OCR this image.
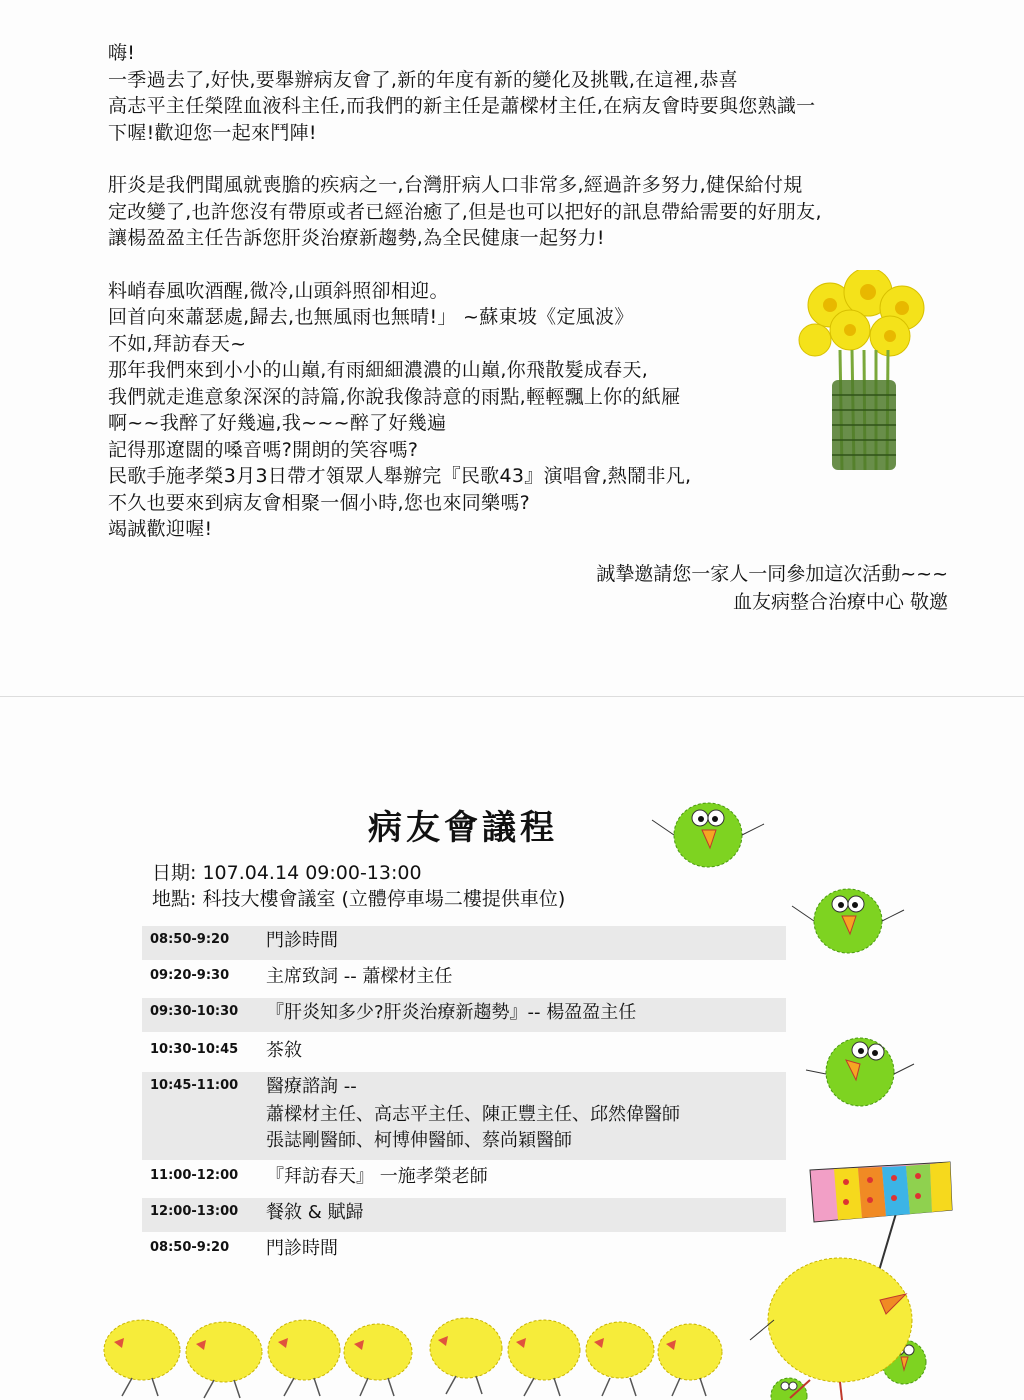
嗨!

一季過去了,好快,要舉辦病友會了,新的年度有新的變化及挑戰,在這裡,恭喜

高志平主任榮陞血液科主任,而我們的新主任是蕭樑材主任,在病友會時要與您熟識一

下喔!歡迎您一起來鬥陣!

肝炎是我們聞風就喪膽的疾病之一,台灣肝病人口非常多,經過許多努力,健保給付規

定改變了,也許您沒有帶原或者已經治癒了,但是也可以把好的訊息帶給需要的好朋友,

讓楊盈盈主任告訴您肝炎治療新趨勢,為全民健康一起努力!

料峭春風吹酒醒,微冷,山頭斜照卻相迎。

回首向來蕭瑟處,歸去,也無風雨也無晴!」 ~蘇東坡《定風波》

不如,拜訪春天~

那年我們來到小小的山巔,有雨細細濃濃的山巔,你飛散髮成春天,

我們就走進意象深深的詩篇,你說我像詩意的雨點,輕輕飄上你的紙屜

啊~~我醉了好幾遍,我~~~醉了好幾遍

記得那遼闊的嗓音嗎?開朗的笑容嗎?

民歌手施孝榮3月3日帶才領眾人舉辦完『民歌43』演唱會,熱鬧非凡,

不久也要來到病友會相聚一個小時,您也來同樂嗎?

竭誠歡迎喔!

誠摯邀請您一家人一同參加這次活動~~~
血友病整合治療中心 敬邀
病友會議程
日期: 107.04.14 09:00-13:00
地點: 科技大樓會議室 (立體停車場二樓提供車位)
08:50-9:20 門診時間
09:20-9:30 主席致詞 -- 蕭樑材主任
09:30-10:30 『肝炎知多少?肝炎治療新趨勢』-- 楊盈盈主任
10:30-10:45 茶敘
10:45-11:00 醫療諮詢 --
蕭樑材主任、高志平主任、陳正豐主任、邱然偉醫師
張誌剛醫師、柯博伸醫師、蔡尚穎醫師
11:00-12:00 『拜訪春天』 一施孝榮老師
12:00-13:00 餐敘 & 賦歸
08:50-9:20 門診時間
